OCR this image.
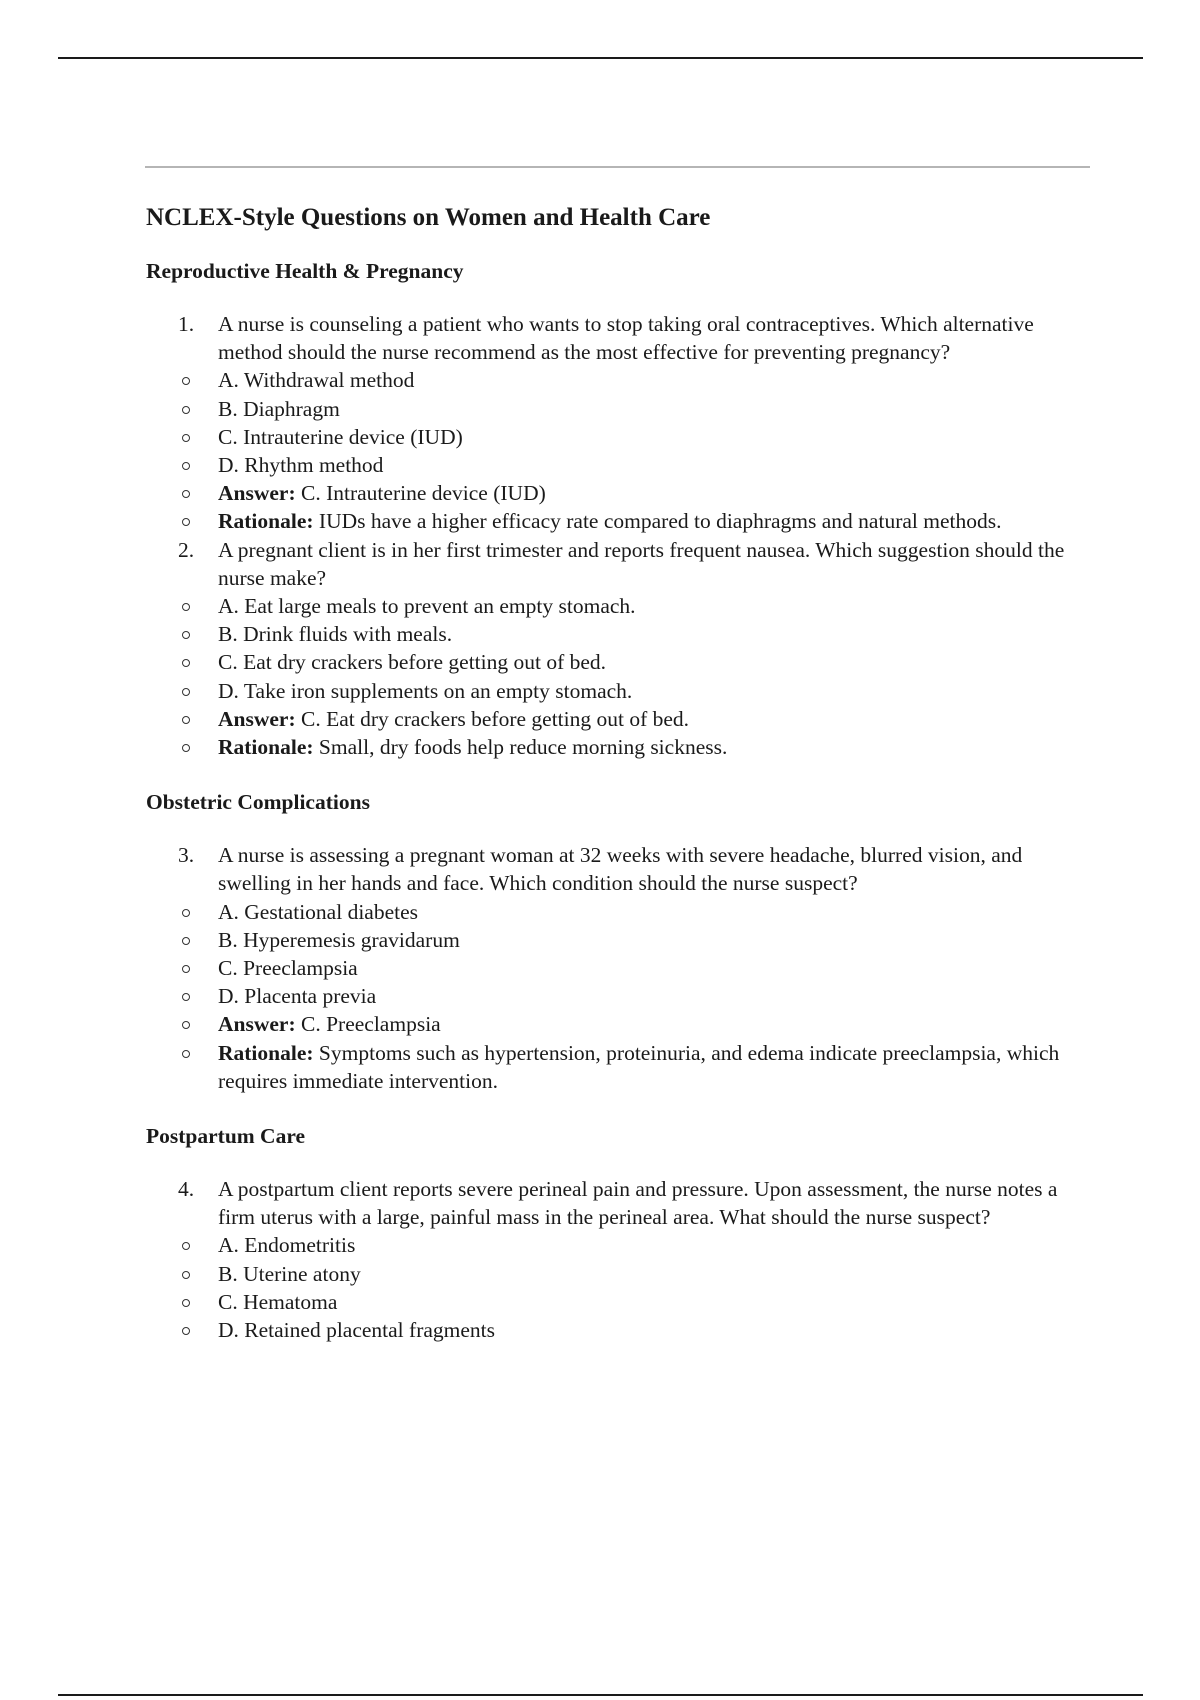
NCLEX-Style Questions on Women and Health Care
Reproductive Health & Pregnancy
1.	A nurse is counseling a patient who wants to stop taking oral contraceptives. Which alternative method should the nurse recommend as the most effective for preventing pregnancy?
A. Withdrawal method
B. Diaphragm
C. Intrauterine device (IUD)
D. Rhythm method
Answer: C. Intrauterine device (IUD)
Rationale: IUDs have a higher efficacy rate compared to diaphragms and natural methods.
2.	A pregnant client is in her first trimester and reports frequent nausea. Which suggestion should the nurse make?
A. Eat large meals to prevent an empty stomach.
B. Drink fluids with meals.
C. Eat dry crackers before getting out of bed.
D. Take iron supplements on an empty stomach.
Answer: C. Eat dry crackers before getting out of bed.
Rationale: Small, dry foods help reduce morning sickness.
Obstetric Complications
3.	A nurse is assessing a pregnant woman at 32 weeks with severe headache, blurred vision, and swelling in her hands and face. Which condition should the nurse suspect?
A. Gestational diabetes
B. Hyperemesis gravidarum
C. Preeclampsia
D. Placenta previa
Answer: C. Preeclampsia
Rationale: Symptoms such as hypertension, proteinuria, and edema indicate preeclampsia, which requires immediate intervention.
Postpartum Care
4.	A postpartum client reports severe perineal pain and pressure. Upon assessment, the nurse notes a firm uterus with a large, painful mass in the perineal area. What should the nurse suspect?
A. Endometritis
B. Uterine atony
C. Hematoma
D. Retained placental fragments
